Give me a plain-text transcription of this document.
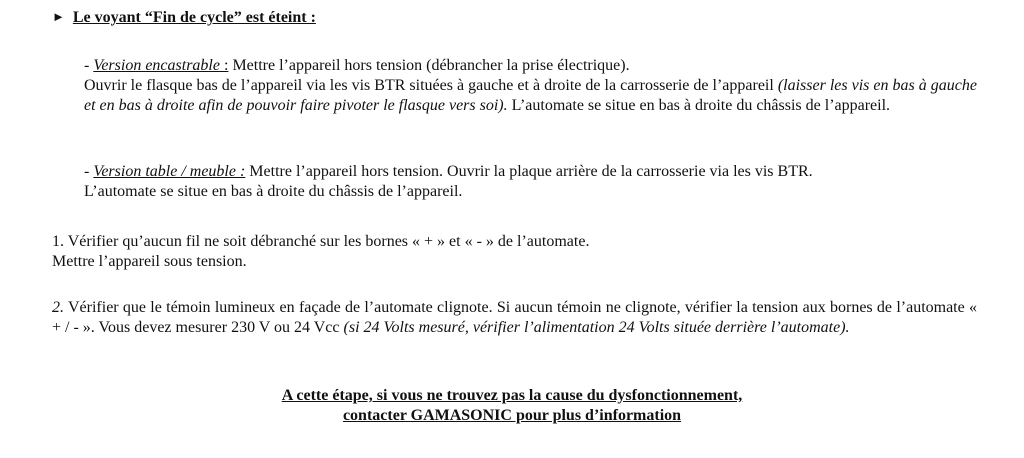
► Le voyant “Fin de cycle” est éteint :
- Version encastrable : Mettre l’appareil hors tension (débrancher la prise électrique).
Ouvrir le flasque bas de l’appareil via les vis BTR situées à gauche et à droite de la carrosserie de l’appareil (laisser les vis en bas à gauche et en bas à droite afin de pouvoir faire pivoter le flasque vers soi). L’automate se situe en bas à droite du châssis de l’appareil.
- Version table / meuble : Mettre l’appareil hors tension. Ouvrir la plaque arrière de la carrosserie via les vis BTR.
L’automate se situe en bas à droite du châssis de l’appareil.
1. Vérifier qu’aucun fil ne soit débranché sur les bornes « + » et « - » de l’automate.
Mettre l’appareil sous tension.
2. Vérifier que le témoin lumineux en façade de l’automate clignote. Si aucun témoin ne clignote, vérifier la tension aux bornes de l’automate « + / - ». Vous devez mesurer 230 V ou 24 Vcc (si 24 Volts mesuré, vérifier l’alimentation 24 Volts située derrière l’automate).
A cette étape, si vous ne trouvez pas la cause du dysfonctionnement,
contacter GAMASONIC pour plus d’information
